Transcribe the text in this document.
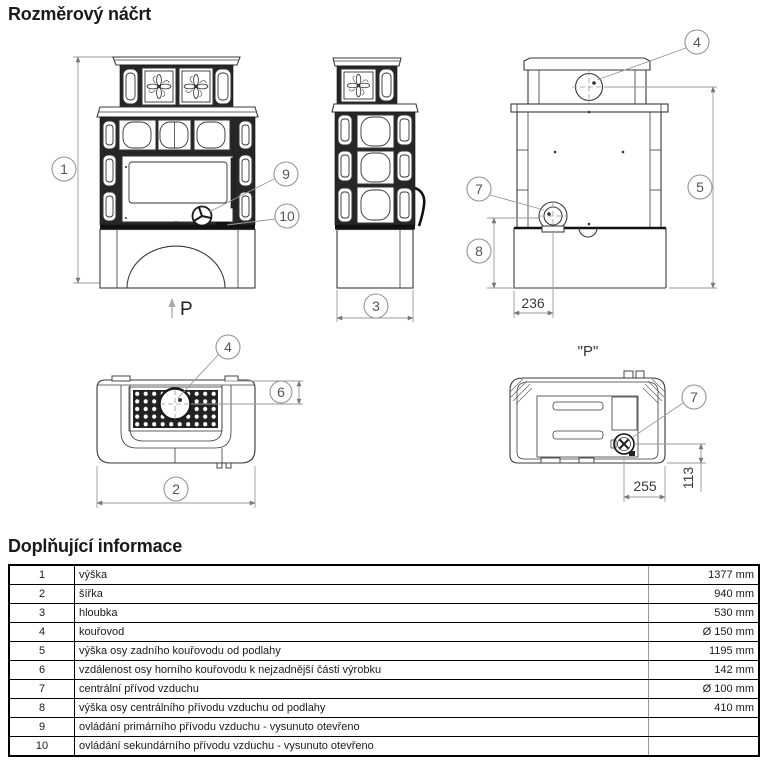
Rozměrový náčrt
P
1	9
10
3
4
5
7
8
236
4
6
2
"P"
7
255 113
Doplňující informace
1	výška	1377 mm
2	šířka	940 mm
3	hloubka	530 mm
4	kouřovod	Ø 150 mm
5	výška osy zadního kouřovodu od podlahy	1195 mm
6	vzdálenost osy horního kouřovodu k nejzadnější části výrobku	142 mm
7	centrální přívod vzduchu	Ø 100 mm
8	výška osy centrálního přívodu vzduchu od podlahy	410 mm
9	ovládání primárního přívodu vzduchu - vysunuto otevřeno	
10	ovládání sekundárního přívodu vzduchu - vysunuto otevřeno	
